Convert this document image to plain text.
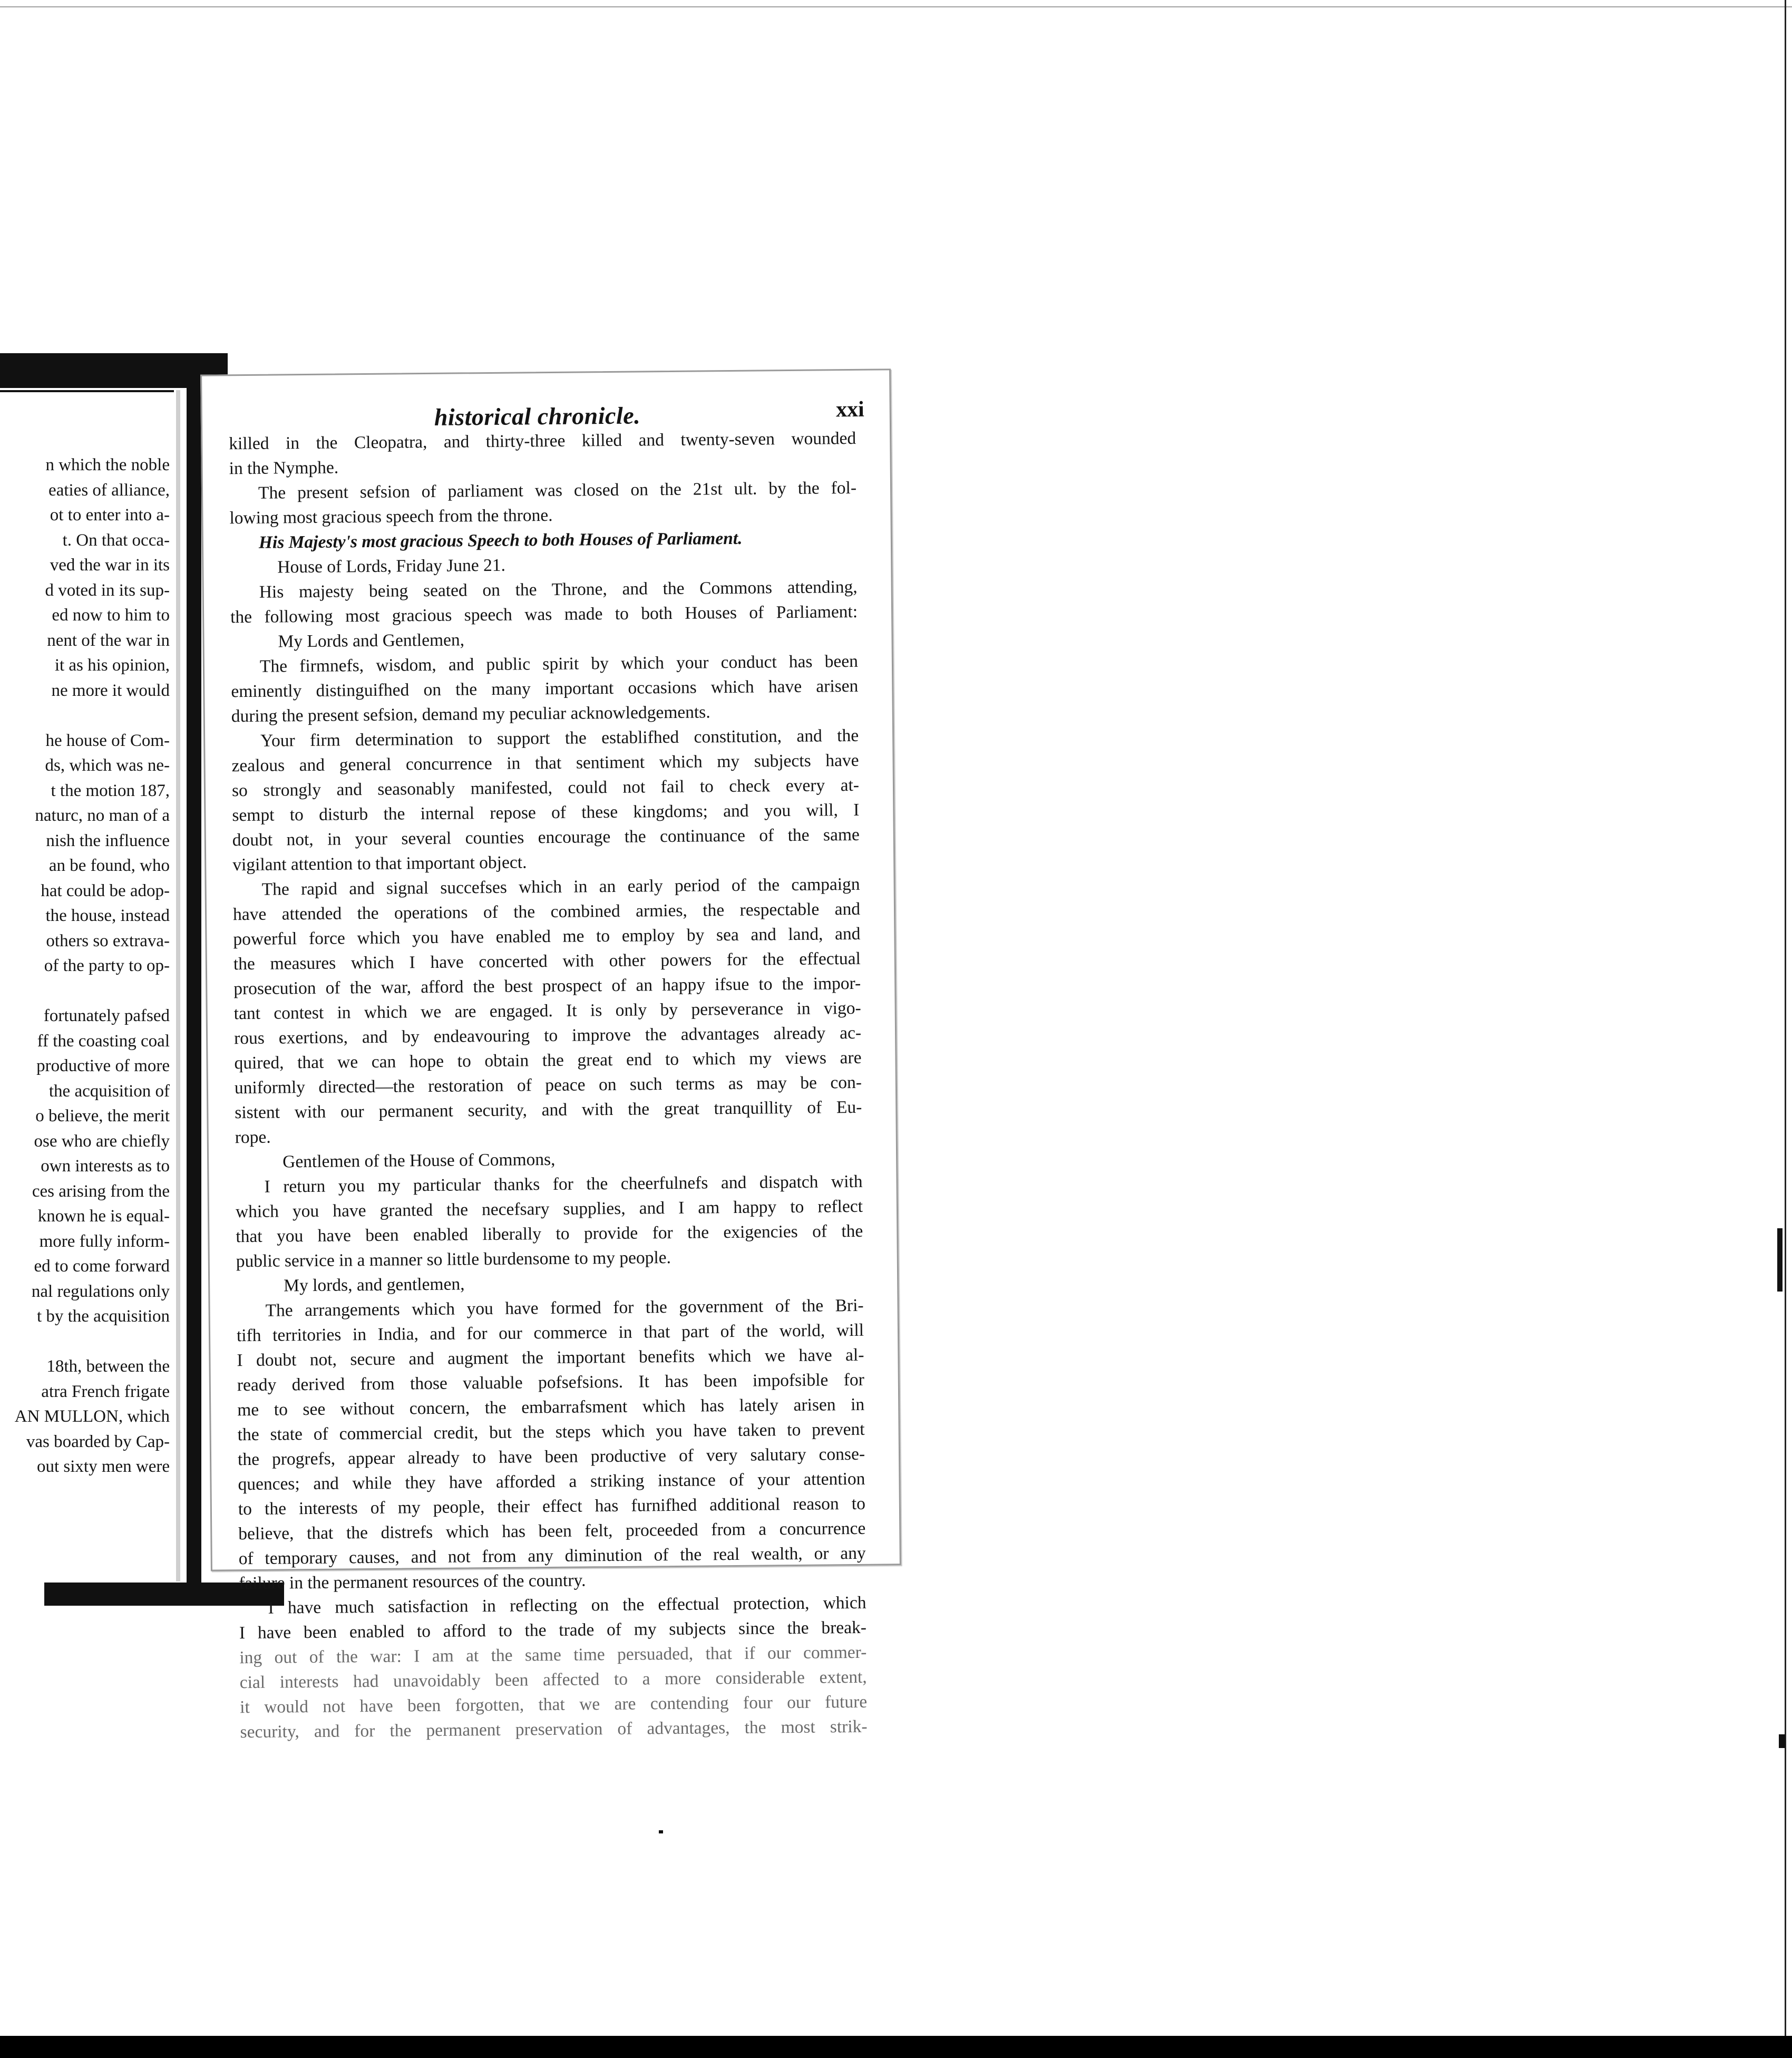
n which the noble
eaties of alliance,
ot to enter into a-
t. On that occa-
ved the war in its
d voted in its sup-
ed now to him to
nent of the war in
it as his opinion,
ne more it would
he house of Com-
ds, which was ne-
t the motion 187,
naturc, no man of a
nish the influence
an be found, who
hat could be adop-
the house, instead
others so extrava-
of the party to op-
fortunately pafsed
ff the coasting coal
productive of more
the acquisition of
o believe, the merit
ose who are chiefly
own interests as to
ces arising from the
known he is equal-
more fully inform-
ed to come forward
nal regulations only
t by the acquisition
18th, between the
atra French frigate
AN MULLON, which
vas boarded by Cap-
out sixty men were
historical chronicle.	xxi
killed in the Cleopatra, and thirty-three killed and twenty-seven wounded
in the Nymphe.
The present sefsion of parliament was closed on the 21st ult. by the fol-
lowing most gracious speech from the throne.
His Majesty's most gracious Speech to both Houses of Parliament.
House of Lords, Friday June 21.
His majesty being seated on the Throne, and the Commons attending,
the following most gracious speech was made to both Houses of Parliament:
My Lords and Gentlemen,
The firmnefs, wisdom, and public spirit by which your conduct has been
eminently distinguifhed on the many important occasions which have arisen
during the present sefsion, demand my peculiar acknowledgements.
Your firm determination to support the establifhed constitution, and the
zealous and general concurrence in that sentiment which my subjects have
so strongly and seasonably manifested, could not fail to check every at-
sempt to disturb the internal repose of these kingdoms; and you will, I
doubt not, in your several counties encourage the continuance of the same
vigilant attention to that important object.
The rapid and signal succefses which in an early period of the campaign
have attended the operations of the combined armies, the respectable and
powerful force which you have enabled me to employ by sea and land, and
the measures which I have concerted with other powers for the effectual
prosecution of the war, afford the best prospect of an happy ifsue to the impor-
tant contest in which we are engaged. It is only by perseverance in vigo-
rous exertions, and by endeavouring to improve the advantages already ac-
quired, that we can hope to obtain the great end to which my views are
uniformly directed—the restoration of peace on such terms as may be con-
sistent with our permanent security, and with the great tranquillity of Eu-
rope.
Gentlemen of the House of Commons,
I return you my particular thanks for the cheerfulnefs and dispatch with
which you have granted the necefsary supplies, and I am happy to reflect
that you have been enabled liberally to provide for the exigencies of the
public service in a manner so little burdensome to my people.
My lords, and gentlemen,
The arrangements which you have formed for the government of the Bri-
tifh territories in India, and for our commerce in that part of the world, will
I doubt not, secure and augment the important benefits which we have al-
ready derived from those valuable pofsefsions. It has been impofsible for
me to see without concern, the embarrafsment which has lately arisen in
the state of commercial credit, but the steps which you have taken to prevent
the progrefs, appear already to have been productive of very salutary conse-
quences; and while they have afforded a striking instance of your attention
to the interests of my people, their effect has furnifhed additional reason to
believe, that the distrefs which has been felt, proceeded from a concurrence
of temporary causes, and not from any diminution of the real wealth, or any
failure in the permanent resources of the country.
I have much satisfaction in reflecting on the effectual protection, which
I have been enabled to afford to the trade of my subjects since the break-
ing out of the war: I am at the same time persuaded, that if our commer-
cial interests had unavoidably been affected to a more considerable extent,
it would not have been forgotten, that we are contending four our future
security, and for the permanent preservation of advantages, the most strik-
